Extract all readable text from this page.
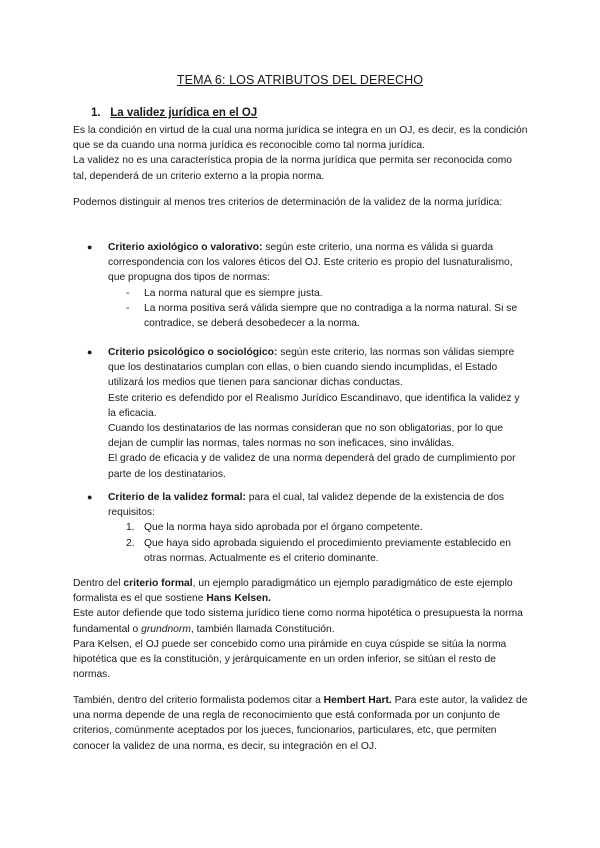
TEMA 6: LOS ATRIBUTOS DEL DERECHO
1. La validez jurídica en el OJ

Es la condición en virtud de la cual una norma jurídica se integra en un OJ, es decir, es la condición que se da cuando una norma jurídica es reconocible como tal norma jurídica.

La validez no es una característica propia de la norma jurídica que permita ser reconocida como tal, dependerá de un criterio externo a la propia norma.

Podemos distinguir al menos tres criterios de determinación de la validez de la norma jurídica:

● Criterio axiológico o valorativo: según este criterio, una norma es válida si guarda correspondencia con los valores éticos del OJ. Este criterio es propio del Iusnaturalismo, que propugna dos tipos de normas:

- La norma natural que es siempre justa.
- La norma positiva será válida siempre que no contradiga a la norma natural. Si se contradice, se deberá desobedecer a la norma.
● Criterio psicológico o sociológico: según este criterio, las normas son válidas siempre que los destinatarios cumplan con ellas, o bien cuando siendo incumplidas, el Estado utilizará los medios que tienen para sancionar dichas conductas.

Este criterio es defendido por el Realismo Jurídico Escandinavo, que identifica la validez y la eficacia.

Cuando los destinatarios de las normas consideran que no son obligatorias, por lo que dejan de cumplir las normas, tales normas no son ineficaces, sino inválidas.

El grado de eficacia y de validez de una norma dependerá del grado de cumplimiento por parte de los destinatarios.

● Criterio de la validez formal: para el cual, tal validez depende de la existencia de dos requisitos:

1. Que la norma haya sido aprobada por el órgano competente.
2. Que haya sido aprobada siguiendo el procedimiento previamente establecido en otras normas. Actualmente es el criterio dominante.

Dentro del criterio formal, un ejemplo paradigmático un ejemplo paradigmático de este ejemplo formalista es el que sostiene Hans Kelsen.

Este autor defiende que todo sistema jurídico tiene como norma hipotética o presupuesta la norma fundamental o grundnorm, también llamada Constitución.

Para Kelsen, el OJ puede ser concebido como una pirámide en cuya cúspide se sitúa la norma hipotética que es la constitución, y jerárquicamente en un orden inferior, se sitúan el resto de normas.

También, dentro del criterio formalista podemos citar a Hembert Hart. Para este autor, la validez de una norma depende de una regla de reconocimiento que está conformada por un conjunto de criterios, comúnmente aceptados por los jueces, funcionarios, particulares, etc, que permiten conocer la validez de una norma, es decir, su integración en el OJ.
